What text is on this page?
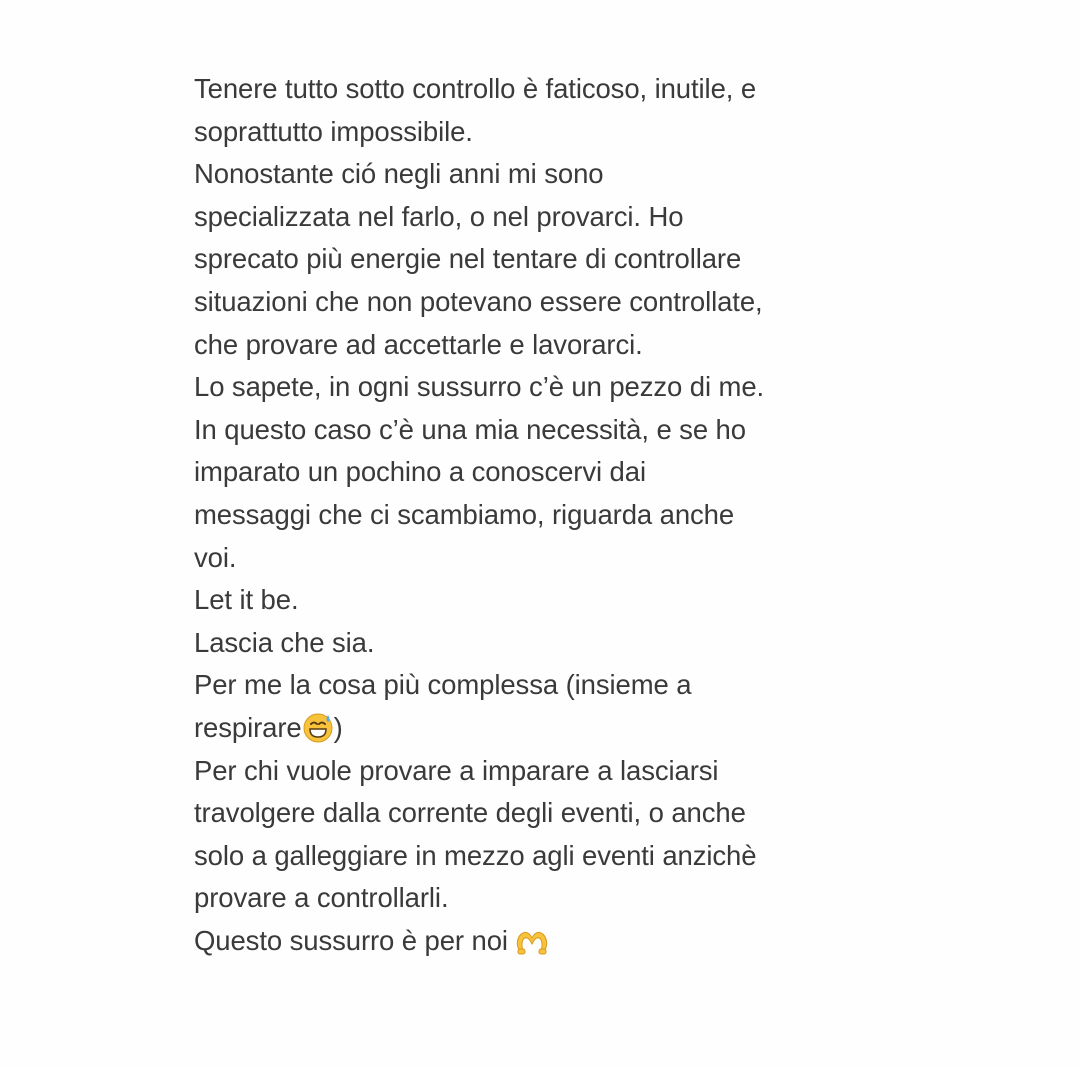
Tenere tutto sotto controllo è faticoso, inutile, e
soprattutto impossibile.
Nonostante ció negli anni mi sono
specializzata nel farlo, o nel provarci. Ho
sprecato più energie nel tentare di controllare
situazioni che non potevano essere controllate,
che provare ad accettarle e lavorarci.
Lo sapete, in ogni sussurro c’è un pezzo di me.
In questo caso c’è una mia necessità, e se ho
imparato un pochino a conoscervi dai
messaggi che ci scambiamo, riguarda anche
voi.
Let it be.
Lascia che sia.
Per me la cosa più complessa (insieme a
respirare )
Per chi vuole provare a imparare a lasciarsi
travolgere dalla corrente degli eventi, o anche
solo a galleggiare in mezzo agli eventi anzichè
provare a controllarli.
Questo sussurro è per noi
